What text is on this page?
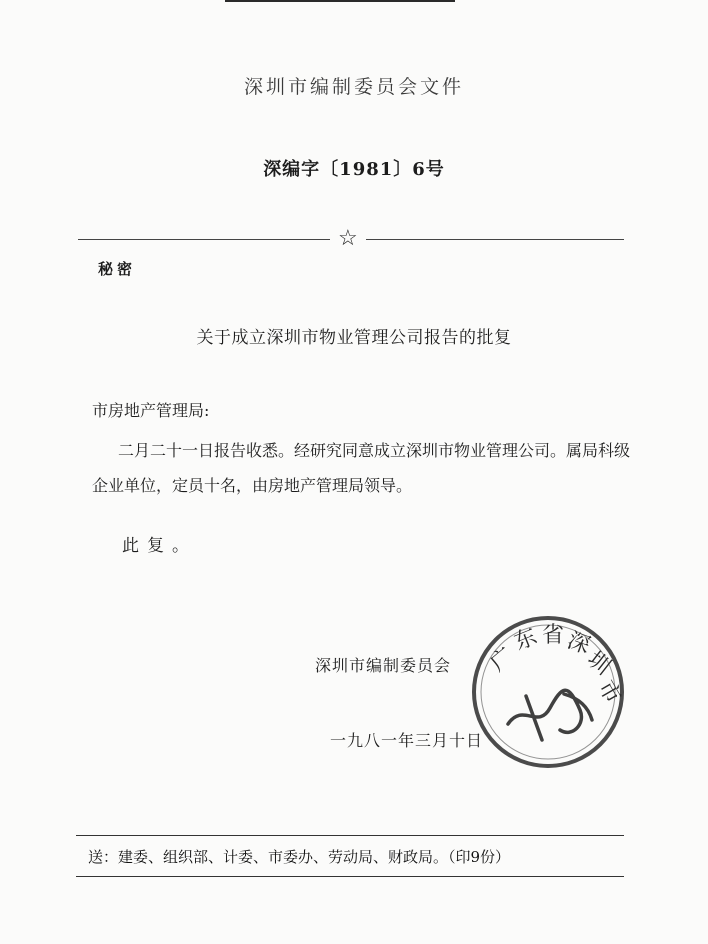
深圳市编制委员会文件
深编字〔1981〕6号
☆
秘密
关于成立深圳市物业管理公司报告的批复
市房地产管理局:
二月二十一日报告收悉。经研究同意成立深圳市物业管理公司。属局科级企业单位，定员十名，由房地产管理局领导。
此复。
深圳市编制委员会
一九八一年三月十日
广
东 省 深
圳
市
送：建委、组织部、计委、市委办、劳动局、财政局。（印9份）
